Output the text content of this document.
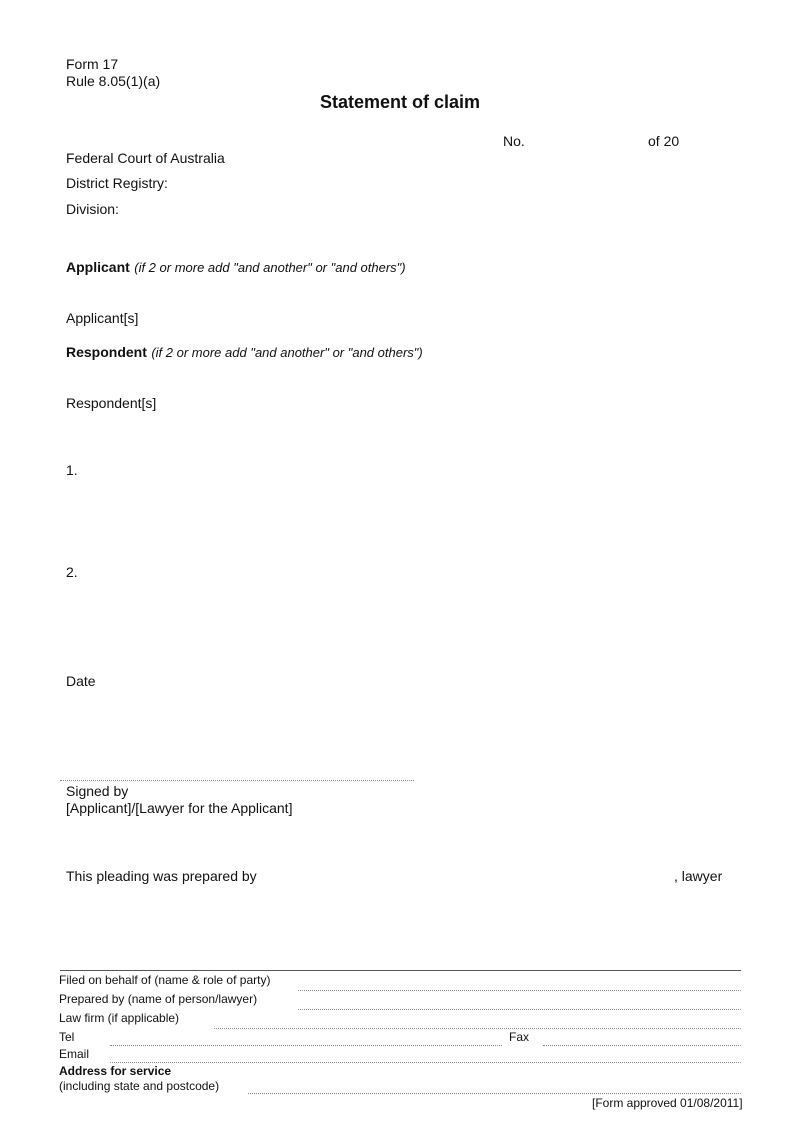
Form 17
Rule 8.05(1)(a)
Statement of claim
No.	of 20
Federal Court of Australia
District Registry:
Division:
Applicant (if 2 or more add "and another" or "and others")
Applicant[s]
Respondent (if 2 or more add "and another" or "and others")
Respondent[s]
1.
2.
Date
Signed by
[Applicant]/[Lawyer for the Applicant]
This pleading was prepared by	, lawyer
Filed on behalf of (name & role of party)
Prepared by (name of person/lawyer)
Law firm (if applicable)
Tel	Fax
Email
Address for service
(including state and postcode)
[Form approved 01/08/2011]
